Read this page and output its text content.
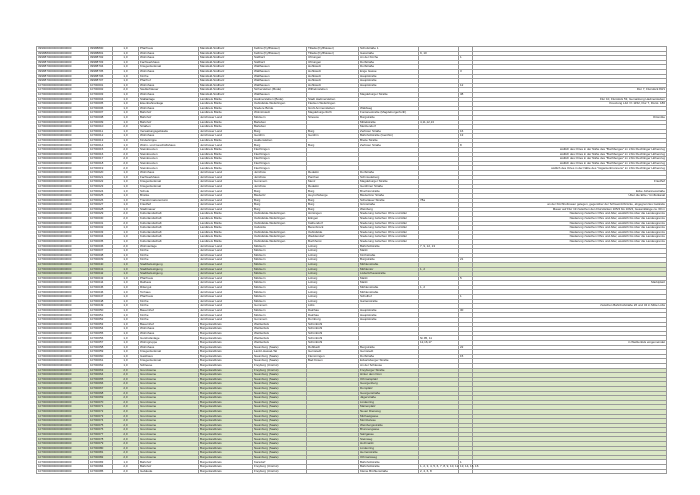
09990000000000000000	09988800	1,0	Pfarrhaus	Mansfeld-Südharz	Kelbra (Kyffhäuser)	Tilleda (Kyffhäuser)	Schulstraße 1			
09988800000000000000	09988801	1,0	Wohnhaus	Mansfeld-Südharz	Kelbra (Kyffhäuser)	Tilleda (Kyffhäuser)	Gasstraße	9, 10		
09988700000000000000	09988702	1,0	Wohnhaus	Mansfeld-Südharz	Südharz	Uftrungen	An der Kirche		1	
09988700000000000000	09988703	1,0	Fachwerkhaus	Mansfeld-Südharz	Südharz	Uftrungen	Dorfstraße			
09988700000000000000	09988704	1,0	Kriegerdenkmal	Mansfeld-Südharz	Wallhausen	Hohlstedt	Dorfstraße			
09988700000000000000	09988705	1,0	Wohnhaus	Mansfeld-Südharz	Wallhausen	Hohlstedt	Enge Gasse		3	
09988700000000000000	09988706	1,0	Kirche	Mansfeld-Südharz	Wallhausen	Hohlstedt	Hauptstraße			
09988700000000000000	09988707	1,0	Pfarrhof	Mansfeld-Südharz	Wallhausen	Hohlstedt	Hauptstraße			
10700000000000000000	10700001	1,0	Wohnhaus	Mansfeld-Südharz	Wallhausen	Hohlstedt	Hauptstraße		12	
10700000000000000000	10700002	2,0	Siedlerhäuser	Mansfeld-Südharz	Sichersleben (Bode)	Wilhelmsleben				Flur 7, Flurstück 83/1
10700000000000000000	10700003	1,0	Wohnhaus	Mansfeld-Südharz	Wallhausen		Magdeburger Straße		38	
10700000000000000000	10700004	1,0	Stallanlage	Landkreis Börde	Hadmersleben (Bode)	Stadt Hadmersleben				Flur 10, Flurstück 53, Gemarkung Hadmersleben
10700000000000000000	10700005	1,0	Eisenbahnanlage	Landkreis Börde	Oebisfelde-Weferlingen	Flecken Weferlingen				Kreuzung L42 / K 1152, Flur 7, Flurst. 186
10700000000000000000	10700006	1,0	Wohnhaus	Landkreis Börde	Niedere Börde	Groß Ammensleben	Waldweg			
10700000000000000000	10700007	1,0	Bahnhof	Landkreis Börde	Wolmirstedt	Magdeburgerforth	Fontanestraße (Magdeburgerforth)			
10700000000000000000	10700008	1,0	Bahnhof	Jerichower Land	Möckern	Stresow	Burgstraße			Ortsmitte
10700000000000000000	10700009	1,0	Bahnhof	Landkreis Börde	Barleben		Mittelstraße	4,11,12,13		
10700000000000000000	10700010	2,0	Straßen	Landkreis Börde	Barleben		Meitzendorf			
10700000000000000000	10700011	1,0	Verwaltungsgebäude	Jerichower Land	Burg	Burg	Zerbster Straße		16	
10700000000000000000	10700012	1,0	Wohnhaus	Jerichower Land	Genthin	Genthin	Bahnhofstraße (Genthin)		13	
10700000000000000000	10700013	1,0	Kinderkrippe	Landkreis Börde	Haldensleben		Breite Straße			
10700000000000000000	10700014	1,0	Wohn- und Geschäftshaus	Jerichower Land	Burg	Burg	Zerbster Straße		8	
10700000000000000000	10700015	2,0	Steinkreuzen	Landkreis Börde	Flechtingen					südlich des Ortes in der Nähe des "Buchberges" im LSG Flechtinger Höhenzug
10700000000000000000	10700016	2,0	Steinkreuzen	Landkreis Börde	Flechtingen					südlich des Ortes in der Nähe des "Buchberges" im LSG Flechtinger Höhenzug
10700000000000000000	10700017	2,0	Steinkreuzen	Landkreis Börde	Flechtingen					südlich des Ortes in der Nähe des "Buchberges" im LSG Flechtinger Höhenzug
10700000000000000000	10700018	2,0	Steinkreuzen	Landkreis Börde	Flechtingen					südlich des Ortes in der Nähe des "Buchberges" im LSG Flechtinger Höhenzug
10700000000000000000	10700019	2,0	Steinkreuzen	Landkreis Börde	Flechtingen					südlich des Ortes in der Nähe des "Gigantenbrunnens" im LSG Flechtinger Höhenzug
10700000000000000000	10700020	1,0	Wohnhaus	Jerichower Land	Jerichow	Redekin	Dorfstraße			
10700000000000000000	10700021	1,0	Fachwerkhaus	Jerichower Land	Jerichow	Parchen	Schmiedeberg			
10700000000000000000	10700022	1,0	Kriegerdenkmal	Jerichower Land	Gommern	Menz	Magdeburger Straße			Friedhof
10700000000000000000	10700023	1,0	Kriegerdenkmal	Jerichower Land	Jerichow	Redekin	Genthiner Straße			
10700000000000000000	10700024	1,0	Schule	Jerichower Land	Burg	Burg	Bruchtorstraße			Ecke Johannesstraße
10700000000000000000	10700025	1,0	Brücke	Jerichower Land	Biederitz	Heyrothsberge	Biederitzer Straße			Über die Ehle / Umflutkanal
10700000000000000000	10700026	1,0	Transformatorenturm	Jerichower Land	Burg	Burg	Schartauer Straße	78a		
10700000000000000000	10700027	1,0	Friedhof	Jerichower Land	Burg	Burg	Grünstraße			an der Kirchhofmauer gelegen, gegenüber der Schweinitzbrücke, abgegrenztes Gelände
10700000000000000000	10700028	1,0	Stadtmauer	Jerichower Land	Burg	Burg	Weinberg			Mauer auf Flur 19 zwischen den Flurstücken 105/4 bis 106/4, Gesamtlänge ca. 60 m
10700000000000000000	10700029	2,0	Kulturlandschaft	Landkreis Börde	Oebisfelde-Weferlingen	Hörsingen	Niederung zwischen Ohre und Aller			Niederung zwischen Ohre und Aller, westlich bis über die Landesgrenze
10700000000000000000	10700030	2,0	Kulturlandschaft	Landkreis Börde	Oebisfelde-Weferlingen	Etingen	Niederung zwischen Ohre und Aller			Niederung zwischen Ohre und Aller, westlich bis über die Landesgrenze
10700000000000000000	10700031	2,0	Kulturlandschaft	Landkreis Börde	Oebisfelde-Weferlingen	Kathendorf	Niederung zwischen Ohre und Aller			Niederung zwischen Ohre und Aller, westlich bis über die Landesgrenze
10700000000000000000	10700032	1,0	Kulturlandschaft	Landkreis Börde	Calvörde	Berenbrock	Niederung zwischen Ohre und Aller			Niederung zwischen Ohre und Aller, westlich bis über die Landesgrenze
10700000000000000000	10700033	1,0	Kulturlandschaft	Landkreis Börde	Oebisfelde-Weferlingen	Oebisfelde	Niederung zwischen Ohre und Aller			Niederung zwischen Ohre und Aller, westlich bis über die Landesgrenze
10700000000000000000	10700034	1,0	Kulturlandschaft	Landkreis Börde	Oebisfelde-Weferlingen	Weddendorf	Niederung zwischen Ohre und Aller			Niederung zwischen Ohre und Aller, westlich bis über die Landesgrenze
10700000000000000000	10700035	1,0	Kulturlandschaft	Landkreis Börde	Oebisfelde-Weferlingen	Buchhorst	Niederung zwischen Ohre und Aller			Niederung zwischen Ohre und Aller, westlich bis über die Landesgrenze
10700000000000000000	10700036	2,0	Wohnanlage	Jerichower Land	Möckern	Loburg	Bahnhofstraße	7, 9, 12, 13		
10700000000000000000	10700037	1,0	Kirche	Jerichower Land	Möckern	Loburg	Markt			
10700000000000000000	10700038	1,0	Kirche	Jerichower Land	Möckern	Loburg	Kirchstraße			
10700000000000000000	10700039	1,0	Kirche	Jerichower Land	Möckern	Loburg	Burgstraße		21	
10700000000000000000	10700040	1,0	Stadtbefestigung	Jerichower Land	Möckern	Loburg	Mühlenstraße			
10700000000000000000	10700041	1,0	Stadtbefestigung	Jerichower Land	Möckern	Loburg	Mühlentor	1, 2		
10700000000000000000	10700042	1,0	Stadtbefestigung	Jerichower Land	Möckern	Loburg	Lüderitzhausstraße			
10700000000000000000	10700043	1,0	Pfarrhaus	Jerichower Land	Möckern	Loburg	Markt		5	
10700000000000000000	10700044	1,0	Rathaus	Jerichower Land	Möckern	Loburg	Markt			Marktplatz
10700000000000000000	10700045	1,0	Rittergut	Jerichower Land	Möckern	Loburg	Mühlenstraße	1, 2		
10700000000000000000	10700046	1,0	Torhaus	Jerichower Land	Möckern	Loburg	Mühlenstraße			
10700000000000000000	10700047	1,0	Pfarrhaus	Jerichower Land	Möckern	Loburg	Schulhof		1	
10700000000000000000	10700048	1,0	Kirche	Jerichower Land	Möckern	Loburg	Gartenstraße			
10700000000000000000	10700049	1,0	Kirche	Jerichower Land	Gommern	Lübs				zwischen Bahnhofstraße 26 und 34 in Mitte Lübs
10700000000000000000	10700050	1,0	Bauernhof	Jerichower Land	Möckern	Dalchau	Hauptstraße		30	
10700000000000000000	10700051	1,0	Kirche	Jerichower Land	Möckern	Dalchau	Hauptstraße			
10700000000000000000	10700052	1,0	Kirche	Jerichower Land	Gommern	Dornburg	Hauptstraße			
10700000000000000000	10700053	1,0	Bauernhof	Burgenlandkreis	Weißenfels	Schönbühl				
10700000000000000000	10700054	1,0	Wohnhaus	Burgenlandkreis	Weißenfels	Schönbühl				
10700000000000000000	10700055	1,0	Wohnhaus	Burgenlandkreis	Weißenfels	Schönbühl				
10700000000000000000	10700056	1,0	Gutshofanlage	Burgenlandkreis	Weißenfels	Schönbühl		Nr.95, 11		
10700000000000000000	10700057	1,0	Wohngruppe	Burgenlandkreis	Weißenfels	Schönbühl		12,16,17		in Weißenfels eingemeindet
10700000000000000000	10700058	1,0	Wohnhaus	Burgenlandkreis	Naumburg (Saale)	Roßbach	Bergstraße		22	
10700000000000000000	10700059	1,0	Kriegerdenkmal	Burgenlandkreis	Lanitz-Hassel-Tal	Gernstedt	Gernstedt			
10700000000000000000	10700060	1,0	Gasthaus	Burgenlandkreis	Naumburg (Saale)	Flemmingen	Dorfstraße		15	
10700000000000000000	10700061	1,0	Kriegerdenkmal	Burgenlandkreis	Naumburg (Saale)	Bad Kösen	Eckartsberger Straße			
10700000000000000000	10700062	1,0	Schleuse	Burgenlandkreis	Freyburg (Unstrut)		An der Schleuse			
10700000000000000000	10700063	2,0	Grenzsteine	Burgenlandkreis	Freyburg (Unstrut)		Freyburger Straße			
10700000000000000000	10700064	2,0	Grenzsteine	Burgenlandkreis	Naumburg (Saale)		Hinter dem Dom			
10700000000000000000	10700065	2,0	Grenzsteine	Burgenlandkreis	Naumburg (Saale)		Othmarsplatz			
10700000000000000000	10700066	2,0	Grenzsteine	Burgenlandkreis	Naumburg (Saale)		Georgenberg			
10700000000000000000	10700067	2,0	Grenzsteine	Burgenlandkreis	Naumburg (Saale)		Domplatz			
10700000000000000000	10700068	2,0	Grenzsteine	Burgenlandkreis	Naumburg (Saale)		Georgenstraße			
10700000000000000000	10700069	2,0	Grenzsteine	Burgenlandkreis	Naumburg (Saale)		Jägerstraße			
10700000000000000000	10700070	2,0	Grenzsteine	Burgenlandkreis	Naumburg (Saale)		Lindenring			
10700000000000000000	10700071	2,0	Grenzsteine	Burgenlandkreis	Naumburg (Saale)		Marienplatz			
10700000000000000000	10700072	2,0	Grenzsteine	Burgenlandkreis	Naumburg (Saale)		Neuer Dienweg			
10700000000000000000	10700073	2,0	Grenzsteine	Burgenlandkreis	Naumburg (Saale)		Michaelgasse			
10700000000000000000	10700074	2,0	Grenzsteine	Burgenlandkreis	Naumburg (Saale)		Moritzwiese			
10700000000000000000	10700075	2,0	Grenzsteine	Burgenlandkreis	Naumburg (Saale)		Weinbergsstraße			
10700000000000000000	10700076	2,0	Grenzsteine	Burgenlandkreis	Naumburg (Saale)		Brunnengasse			
10700000000000000000	10700077	2,0	Grenzsteine	Burgenlandkreis	Naumburg (Saale)		Salzgasse			
10700000000000000000	10700078	2,0	Grenzsteine	Burgenlandkreis	Naumburg (Saale)		Steinweg			
10700000000000000000	10700079	2,0	Grenzsteine	Burgenlandkreis	Naumburg (Saale)		Holzmarkt			
10700000000000000000	10700080	2,0	Grenzsteine	Burgenlandkreis	Naumburg (Saale)		Lindenring			
10700000000000000000	10700081	2,0	Grenzsteine	Burgenlandkreis	Naumburg (Saale)		Herrenstraße			
10700000000000000000	10700082	2,0	Grenzsteine	Burgenlandkreis	Naumburg (Saale)		Othmarsweg			
10700000000000000000	10700083	1,0	Bahnhof	Burgenlandkreis	Karsdorf		Bahnhofstraße		1	
10700000000000000000	10700084	2,0	Bahnhof	Burgenlandkreis	Freyburg (Unstrut)		Bahnhofstraße	1, 2, 3, 4, 5, 6, 7, 8, 9, 10, 12, 13, 14, 15, 16		
10700000000000000000	10700085	2,0	Gebäude	Burgenlandkreis	Freyburg (Unstrut)		Kleine Brühlenstraße	2, 4, 6, 8		
